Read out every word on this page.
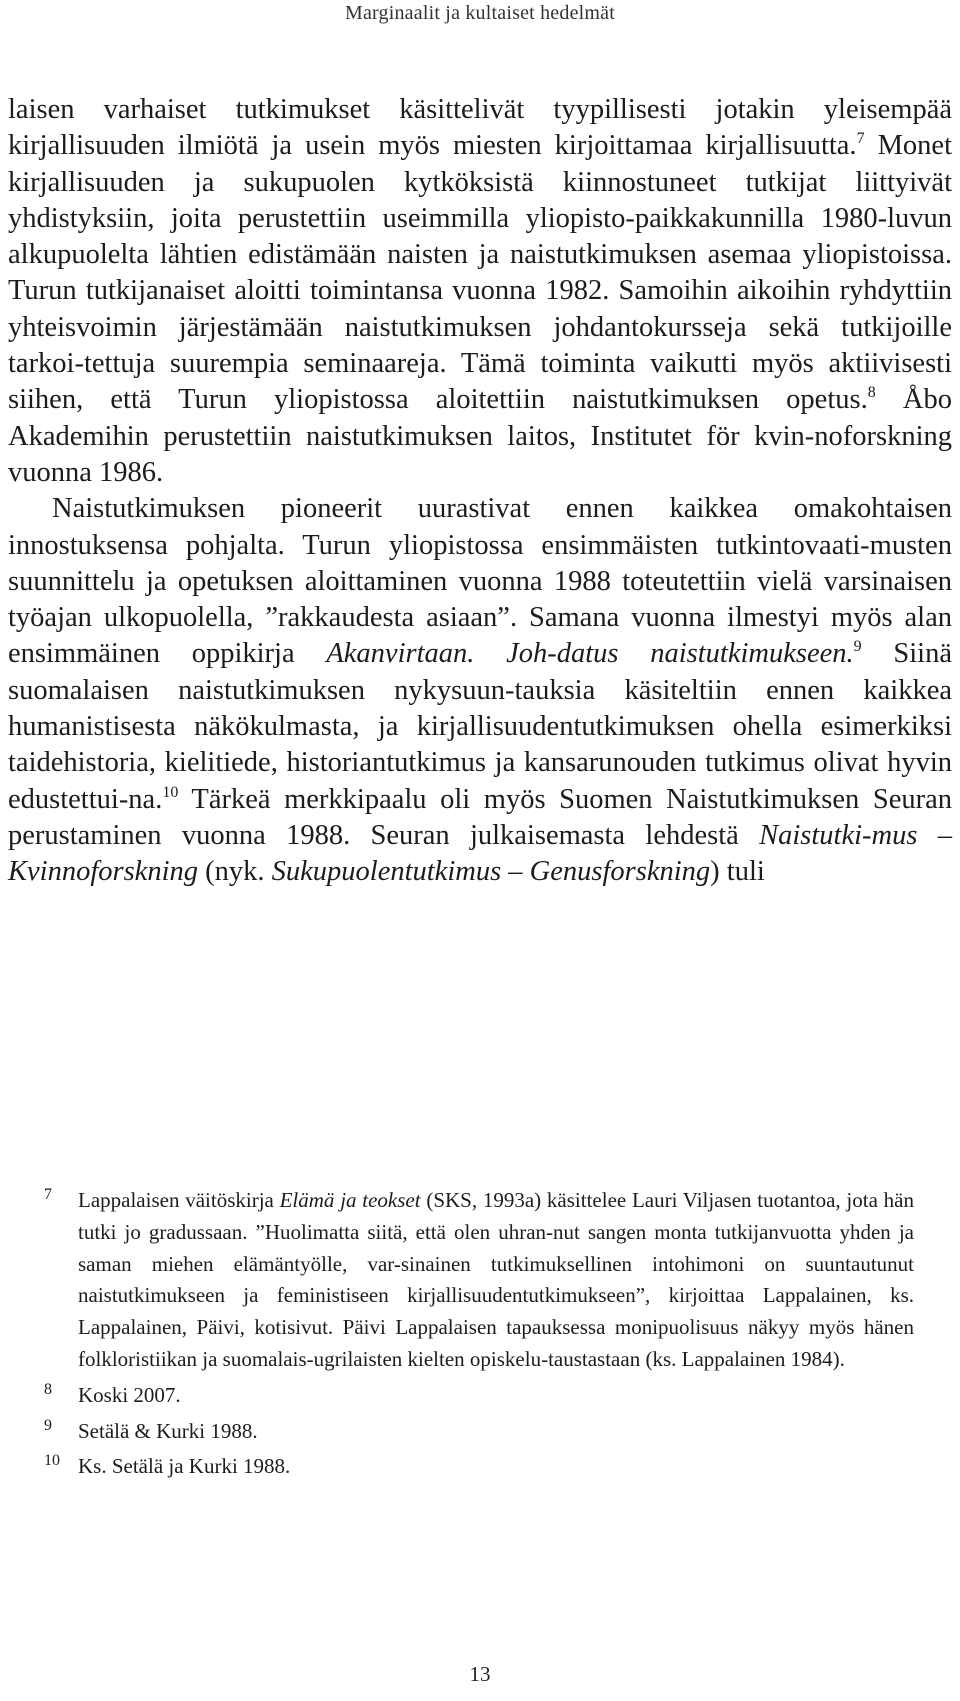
Marginaalit ja kultaiset hedelmät

laisen varhaiset tutkimukset käsittelivät tyypillisesti jotakin yleisempää kirjallisuuden ilmiötä ja usein myös miesten kirjoittamaa kirjallisuutta.$^7$ Monet kirjallisuuden ja sukupuolen kytköksistä kiinnostuneet tutkijat liittyivät yhdistyksiin, joita perustettiin useimmilla yliopisto-paikkakunnilla 1980-luvun alkupuolelta lähtien edistämään naisten ja naistutkimuksen asemaa yliopistoissa. Turun tutkijanaiset aloitti toimintansa vuonna 1982. Samoihin aikoihin ryhdyttiin yhteisvoimin järjestämään naistutkimuksen johdantokursseja sekä tutkijoille tarkoi-tettuja suurempia seminaareja. Tämä toiminta vaikutti myös aktiivisesti siihen, että Turun yliopistossa aloitettiin naistutkimuksen opetus.$^8$ Åbo Akademihin perustettiin naistutkimuksen laitos, Institutet för kvin-noforskning vuonna 1986.

Naistutkimuksen pioneerit uurastivat ennen kaikkea omakohtaisen innostuksensa pohjalta. Turun yliopistossa ensimmäisten tutkintovaati-musten suunnittelu ja opetuksen aloittaminen vuonna 1988 toteutettiin vielä varsinaisen työajan ulkopuolella, ”rakkaudesta asiaan”. Samana vuonna ilmestyi myös alan ensimmäinen oppikirja Akanvirtaan. Joh-datus naistutkimukseen.$^9$ Siinä suomalaisen naistutkimuksen nykysuun-tauksia käsiteltiin ennen kaikkea humanistisesta näkökulmasta, ja kirjallisuudentutkimuksen ohella esimerkiksi taidehistoria, kielitiede, historiantutkimus ja kansarunouden tutkimus olivat hyvin edustettui-na.$^{10}$ Tärkeä merkkipaalu oli myös Suomen Naistutkimuksen Seuran perustaminen vuonna 1988. Seuran julkaisemasta lehdestä Naistutki-mus – Kvinnoforskning (nyk. Sukupuolentutkimus – Genusforskning) tuli

7 Lappalaisen väitöskirja Elämä ja teokset (SKS, 1993a) käsittelee Lauri Viljasen tuotantoa, jota hän tutki jo gradussaan. ”Huolimatta siitä, että olen uhran-nut sangen monta tutkijanvuotta yhden ja saman miehen elämäntyölle, var-sinainen tutkimuksellinen intohimoni on suuntautunut naistutkimukseen ja feministiseen kirjallisuudentutkimukseen”, kirjoittaa Lappalainen, ks. Lappalainen, Päivi, kotisivut. Päivi Lappalaisen tapauksessa monipuolisuus näkyy myös hänen folkloristiikan ja suomalais-ugrilaisten kielten opiskelu-taustastaan (ks. Lappalainen 1984).
8 Koski 2007.
9 Setälä & Kurki 1988.
10 Ks. Setälä ja Kurki 1988.
13
